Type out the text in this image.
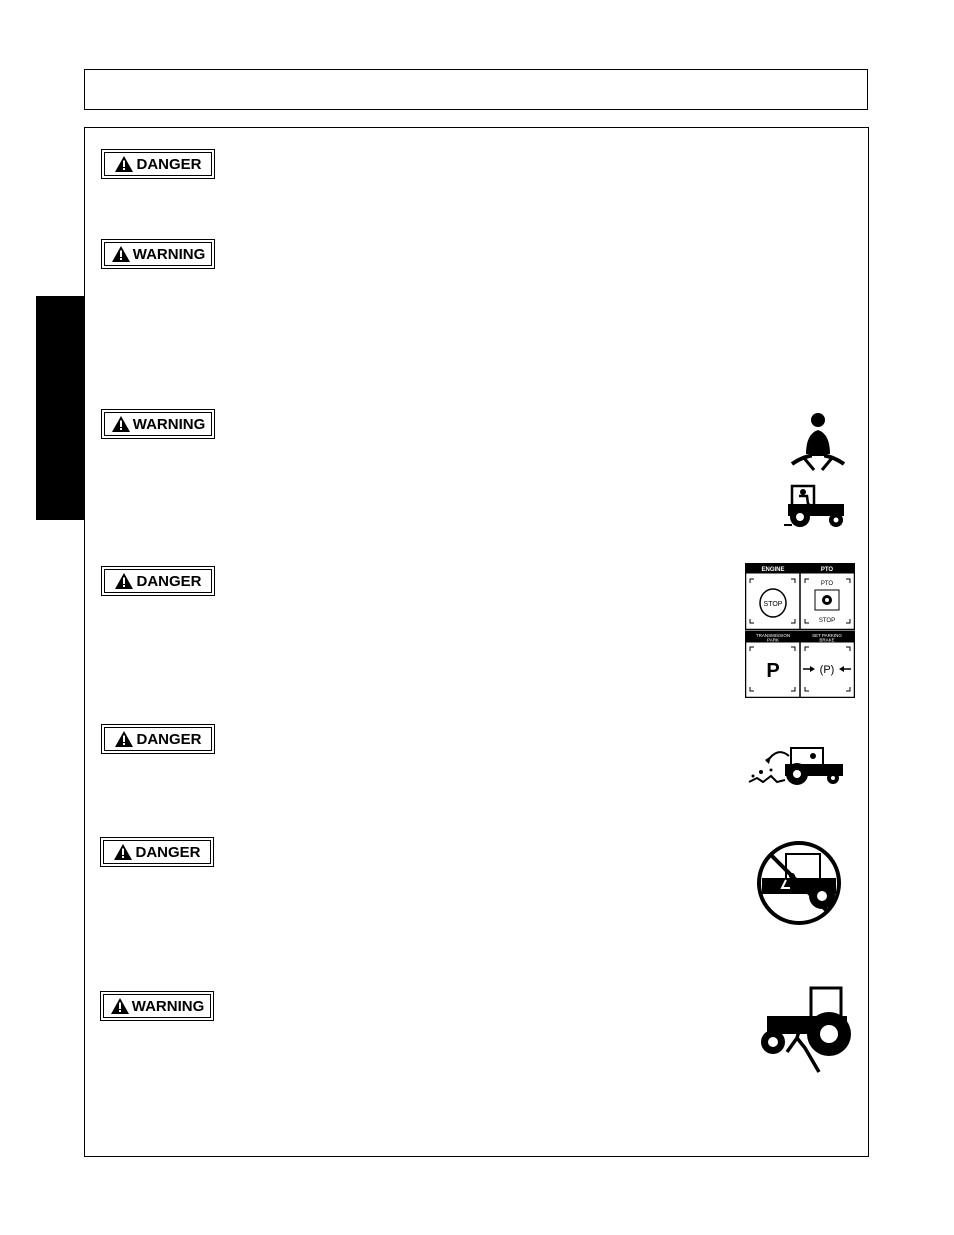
DANGER
WARNING
WARNING
DANGER
DANGER
DANGER
WARNING
ENGINE	PTO
STOP
PTO
STOP
TRANSMISSION
PARK
SET PARKING
BRAKE
P	(P)
